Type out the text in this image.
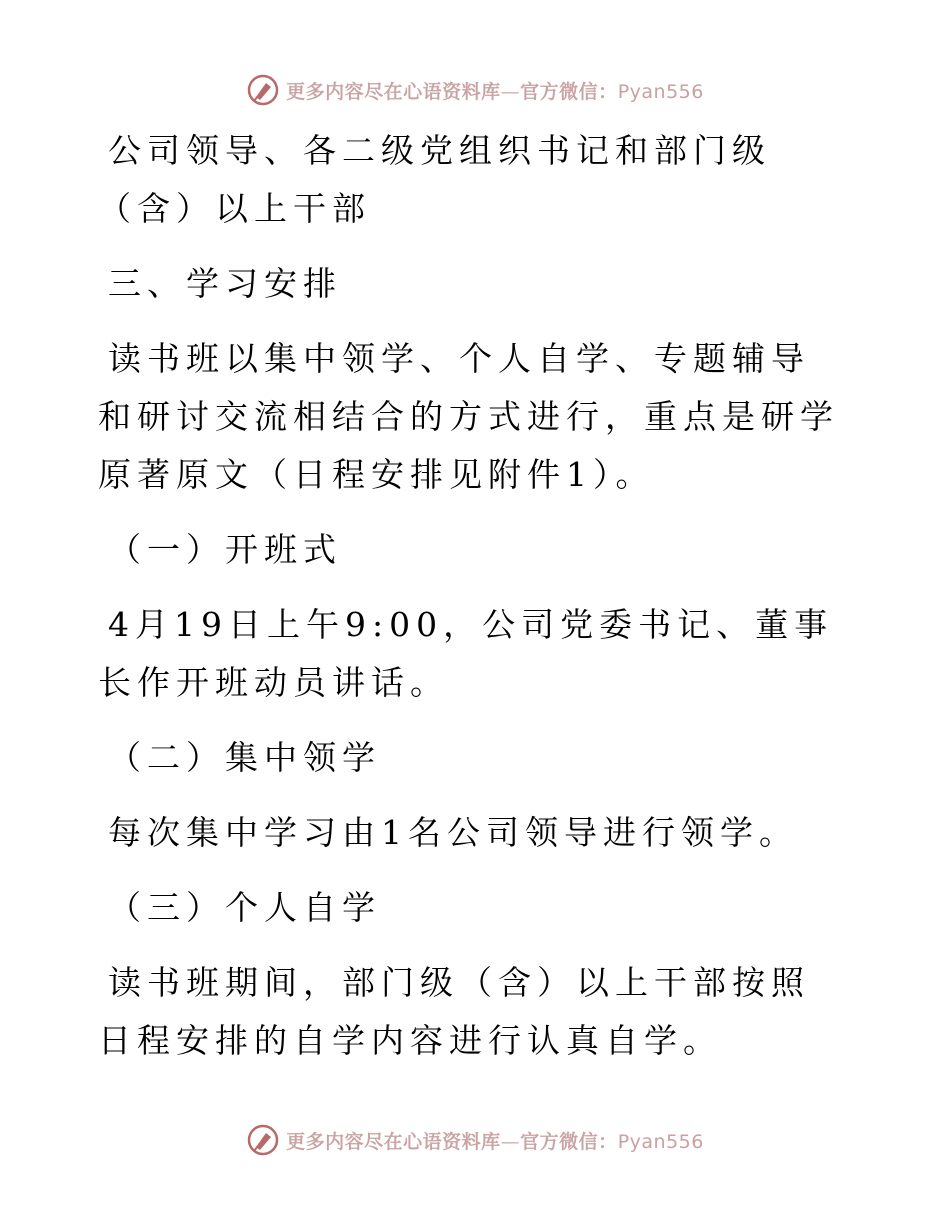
更多内容尽在心语资料库—官方微信：Pyan556

公司领导、各二级党组织书记和部门级（含）以上干部

三、学习安排

读书班以集中领学、个人自学、专题辅导和研讨交流相结合的方式进行，重点是研学原著原文（日程安排见附件1）。

（一）开班式

4月19日上午9:00，公司党委书记、董事长作开班动员讲话。

（二）集中领学

每次集中学习由1名公司领导进行领学。

（三）个人自学

读书班期间，部门级（含）以上干部按照日程安排的自学内容进行认真自学。

更多内容尽在心语资料库—官方微信：Pyan556
